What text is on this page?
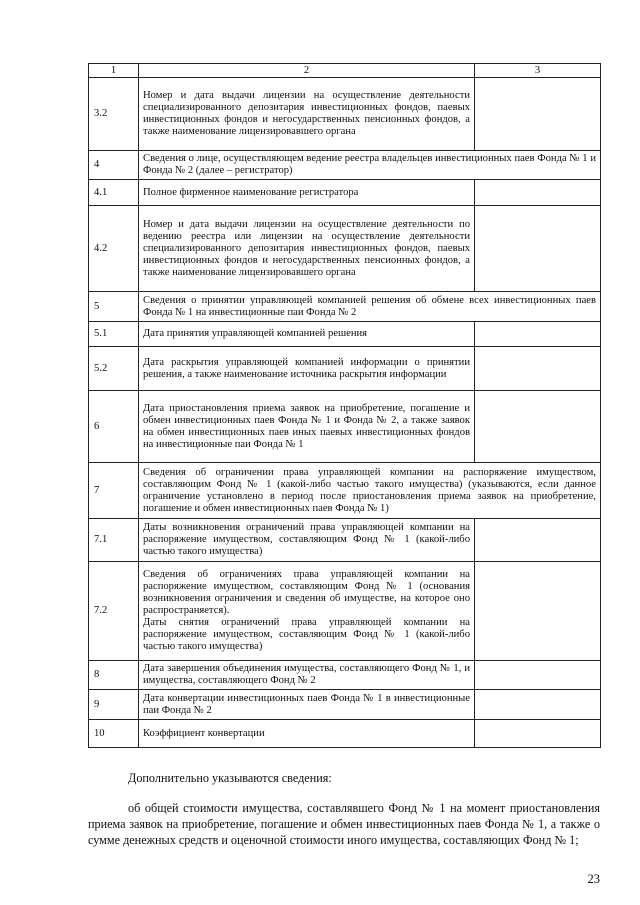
1	2	3
3.2	Номер и дата выдачи лицензии на осуществление деятельности специализированного депозитария инвестиционных фондов, паевых инвестиционных фондов и негосударственных пенсионных фондов, а также наименование лицензировавшего органа	
4	Сведения о лице, осуществляющем ведение реестра владельцев инвестиционных паев Фонда № 1 и Фонда № 2 (далее – регистратор)	
4.1	Полное фирменное наименование регистратора	
4.2	Номер и дата выдачи лицензии на осуществление деятельности по ведению реестра или лицензии на осуществление деятельности специализированного депозитария инвестиционных фондов, паевых инвестиционных фондов и негосударственных пенсионных фондов, а также наименование лицензировавшего органа	
5	Сведения о принятии управляющей компанией решения об обмене всех инвестиционных паев Фонда № 1 на инвестиционные паи Фонда № 2	
5.1	Дата принятия управляющей компанией решения	
5.2	Дата раскрытия управляющей компанией информации о принятии решения, а также наименование источника раскрытия информации	
6	Дата приостановления приема заявок на приобретение, погашение и обмен инвестиционных паев Фонда № 1 и Фонда № 2, а также заявок на обмен инвестиционных паев иных паевых инвестиционных фондов на инвестиционные паи Фонда № 1	
7	Сведения об ограничении права управляющей компании на распоряжение имуществом, составляющим Фонд № 1 (какой-либо частью такого имущества) (указываются, если данное ограничение установлено в период после приостановления приема заявок на приобретение, погашение и обмен инвестиционных паев Фонда № 1)	
7.1	Даты возникновения ограничений права управляющей компании на распоряжение имуществом, составляющим Фонд № 1 (какой-либо частью такого имущества)	
7.2	Сведения об ограничениях права управляющей компании на распоряжение имуществом, составляющим Фонд № 1 (основания возникновения ограничения и сведения об имуществе, на которое оно распространяется).
Даты снятия ограничений права управляющей компании на распоряжение имуществом, составляющим Фонд № 1 (какой-либо частью такого имущества)	

8	Дата завершения объединения имущества, составляющего Фонд № 1, и имущества, составляющего Фонд № 2	
9	Дата конвертации инвестиционных паев Фонда № 1 в инвестиционные паи Фонда № 2	
10	Коэффициент конвертации	

Дополнительно указываются сведения:

об общей стоимости имущества, составлявшего Фонд № 1 на момент приостановления приема заявок на приобретение, погашение и обмен инвестиционных паев Фонда № 1, а также о сумме денежных средств и оценочной стоимости иного имущества, составляющих Фонд № 1;

23
